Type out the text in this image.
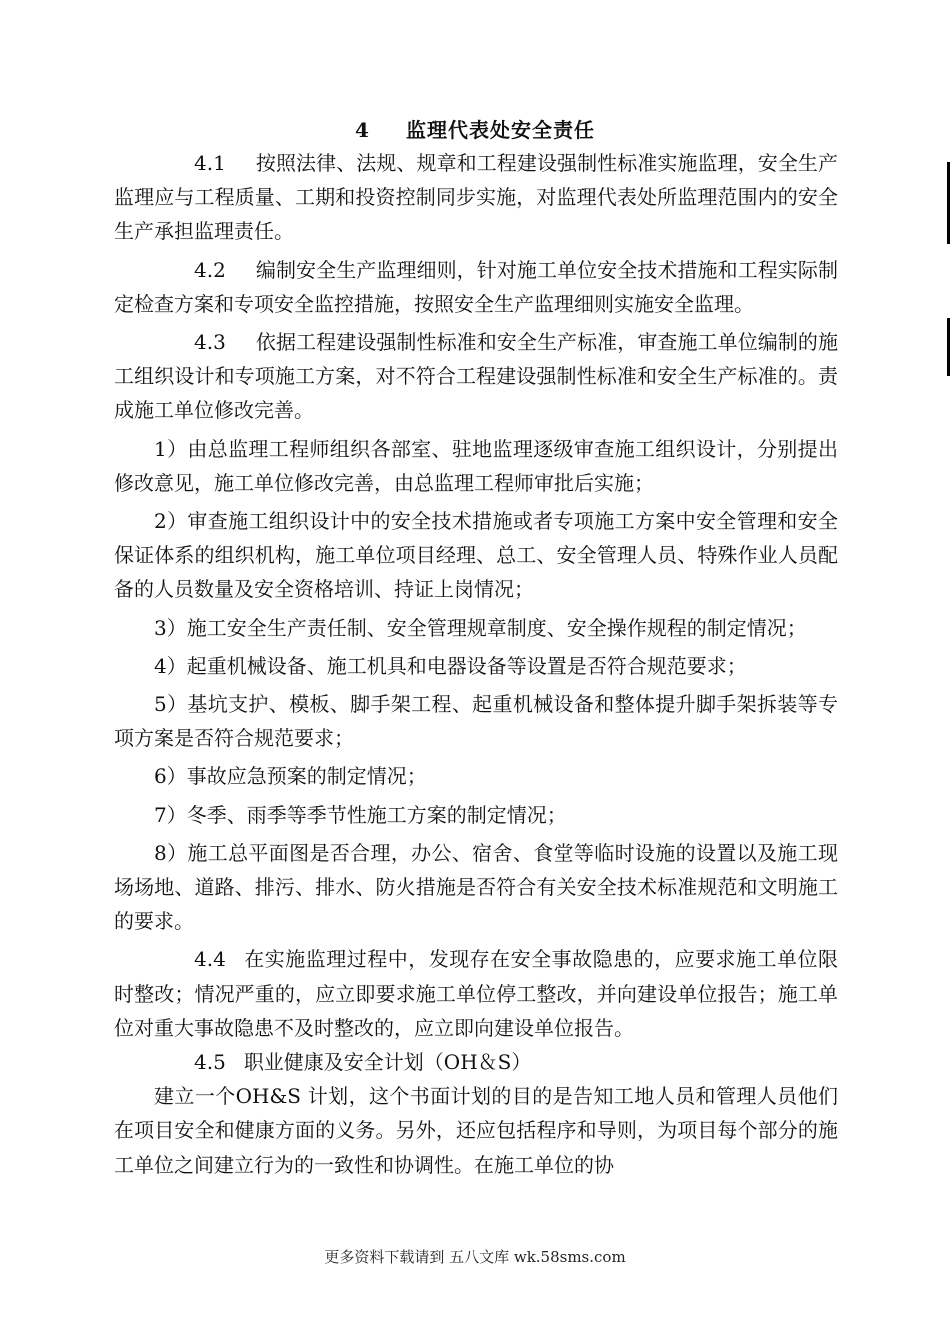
4 监理代表处安全责任

4.1 按照法律、法规、规章和工程建设强制性标准实施监理，安全生产监理应与工程质量、工期和投资控制同步实施，对监理代表处所监理范围内的安全生产承担监理责任。

4.2 编制安全生产监理细则，针对施工单位安全技术措施和工程实际制定检查方案和专项安全监控措施，按照安全生产监理细则实施安全监理。

4.3 依据工程建设强制性标准和安全生产标准，审查施工单位编制的施工组织设计和专项施工方案，对不符合工程建设强制性标准和安全生产标准的。责成施工单位修改完善。

1）由总监理工程师组织各部室、驻地监理逐级审查施工组织设计，分别提出修改意见，施工单位修改完善，由总监理工程师审批后实施；

2）审查施工组织设计中的安全技术措施或者专项施工方案中安全管理和安全保证体系的组织机构，施工单位项目经理、总工、安全管理人员、特殊作业人员配备的人员数量及安全资格培训、持证上岗情况；

3）施工安全生产责任制、安全管理规章制度、安全操作规程的制定情况；

4）起重机械设备、施工机具和电器设备等设置是否符合规范要求；

5）基坑支护、模板、脚手架工程、起重机械设备和整体提升脚手架拆装等专项方案是否符合规范要求；

6）事故应急预案的制定情况；

7）冬季、雨季等季节性施工方案的制定情况；

8）施工总平面图是否合理，办公、宿舍、食堂等临时设施的设置以及施工现场场地、道路、排污、排水、防火措施是否符合有关安全技术标准规范和文明施工的要求。

4.4 在实施监理过程中，发现存在安全事故隐患的，应要求施工单位限时整改；情况严重的，应立即要求施工单位停工整改，并向建设单位报告；施工单位对重大事故隐患不及时整改的，应立即向建设单位报告。

4.5 职业健康及安全计划（OH＆S）

建立一个OH&S 计划，这个书面计划的目的是告知工地人员和管理人员他们在项目安全和健康方面的义务。另外，还应包括程序和导则，为项目每个部分的施工单位之间建立行为的一致性和协调性。在施工单位的协

更多资料下载请到 五八文库 wk.58sms.com
